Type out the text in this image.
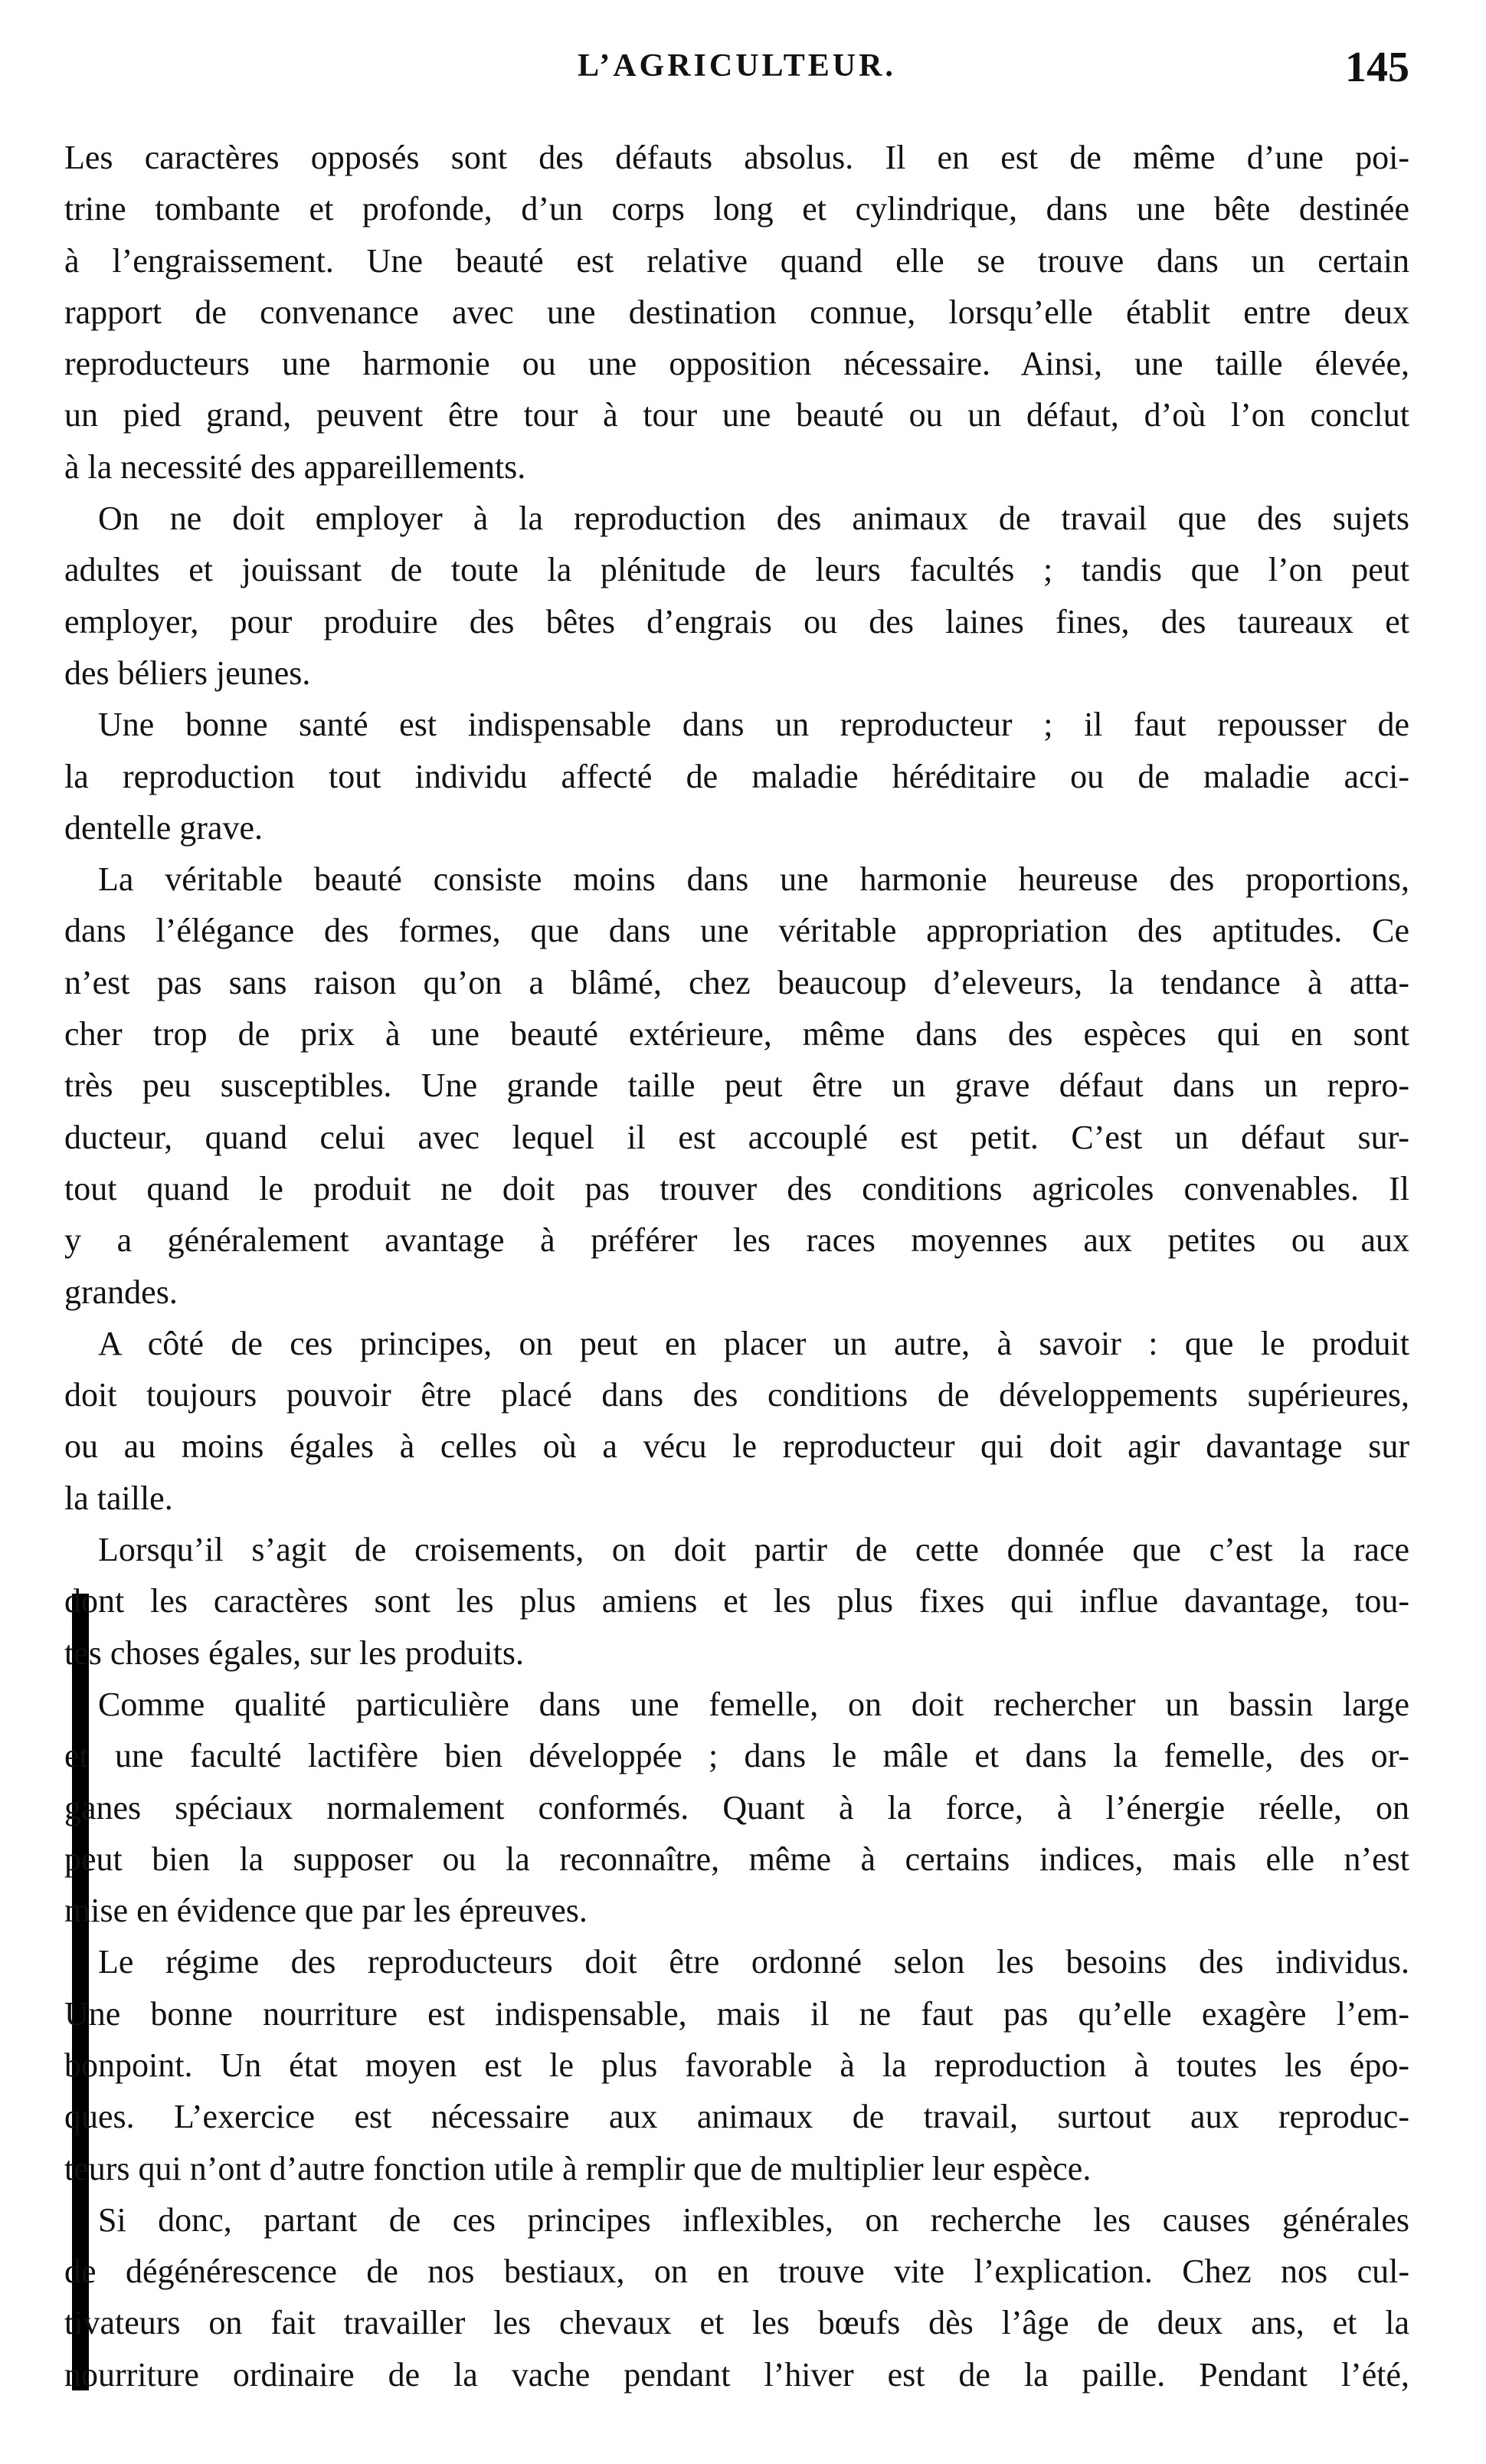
L’AGRICULTEUR.	145
Les caractères opposés sont des défauts absolus. Il en est de même d’une poi-
trine tombante et profonde, d’un corps long et cylindrique, dans une bête destinée
à l’engraissement. Une beauté est relative quand elle se trouve dans un certain
rapport de convenance avec une destination connue, lorsqu’elle établit entre deux
reproducteurs une harmonie ou une opposition nécessaire. Ainsi, une taille élevée,
un pied grand, peuvent être tour à tour une beauté ou un défaut, d’où l’on conclut
à la necessité des appareillements.
On ne doit employer à la reproduction des animaux de travail que des sujets
adultes et jouissant de toute la plénitude de leurs facultés ; tandis que l’on peut
employer, pour produire des bêtes d’engrais ou des laines fines, des taureaux et
des béliers jeunes.
Une bonne santé est indispensable dans un reproducteur ; il faut repousser de
la reproduction tout individu affecté de maladie héréditaire ou de maladie acci-
dentelle grave.
La véritable beauté consiste moins dans une harmonie heureuse des proportions,
dans l’élégance des formes, que dans une véritable appropriation des aptitudes. Ce
n’est pas sans raison qu’on a blâmé, chez beaucoup d’eleveurs, la tendance à atta-
cher trop de prix à une beauté extérieure, même dans des espèces qui en sont
très peu susceptibles. Une grande taille peut être un grave défaut dans un repro-
ducteur, quand celui avec lequel il est accouplé est petit. C’est un défaut sur-
tout quand le produit ne doit pas trouver des conditions agricoles convenables. Il
y a généralement avantage à préférer les races moyennes aux petites ou aux
grandes.
A côté de ces principes, on peut en placer un autre, à savoir : que le produit
doit toujours pouvoir être placé dans des conditions de développements supérieures,
ou au moins égales à celles où a vécu le reproducteur qui doit agir davantage sur
la taille.
Lorsqu’il s’agit de croisements, on doit partir de cette donnée que c’est la race
dont les caractères sont les plus amiens et les plus fixes qui influe davantage, tou-
tes choses égales, sur les produits.
Comme qualité particulière dans une femelle, on doit rechercher un bassin large
et une faculté lactifère bien développée ; dans le mâle et dans la femelle, des or-
ganes spéciaux normalement conformés. Quant à la force, à l’énergie réelle, on
peut bien la supposer ou la reconnaître, même à certains indices, mais elle n’est
mise en évidence que par les épreuves.
Le régime des reproducteurs doit être ordonné selon les besoins des individus.
Une bonne nourriture est indispensable, mais il ne faut pas qu’elle exagère l’em-
bonpoint. Un état moyen est le plus favorable à la reproduction à toutes les épo-
ques. L’exercice est nécessaire aux animaux de travail, surtout aux reproduc-
teurs qui n’ont d’autre fonction utile à remplir que de multiplier leur espèce.
Si donc, partant de ces principes inflexibles, on recherche les causes générales
de dégénérescence de nos bestiaux, on en trouve vite l’explication. Chez nos cul-
tivateurs on fait travailler les chevaux et les bœufs dès l’âge de deux ans, et la
nourriture ordinaire de la vache pendant l’hiver est de la paille. Pendant l’été,
